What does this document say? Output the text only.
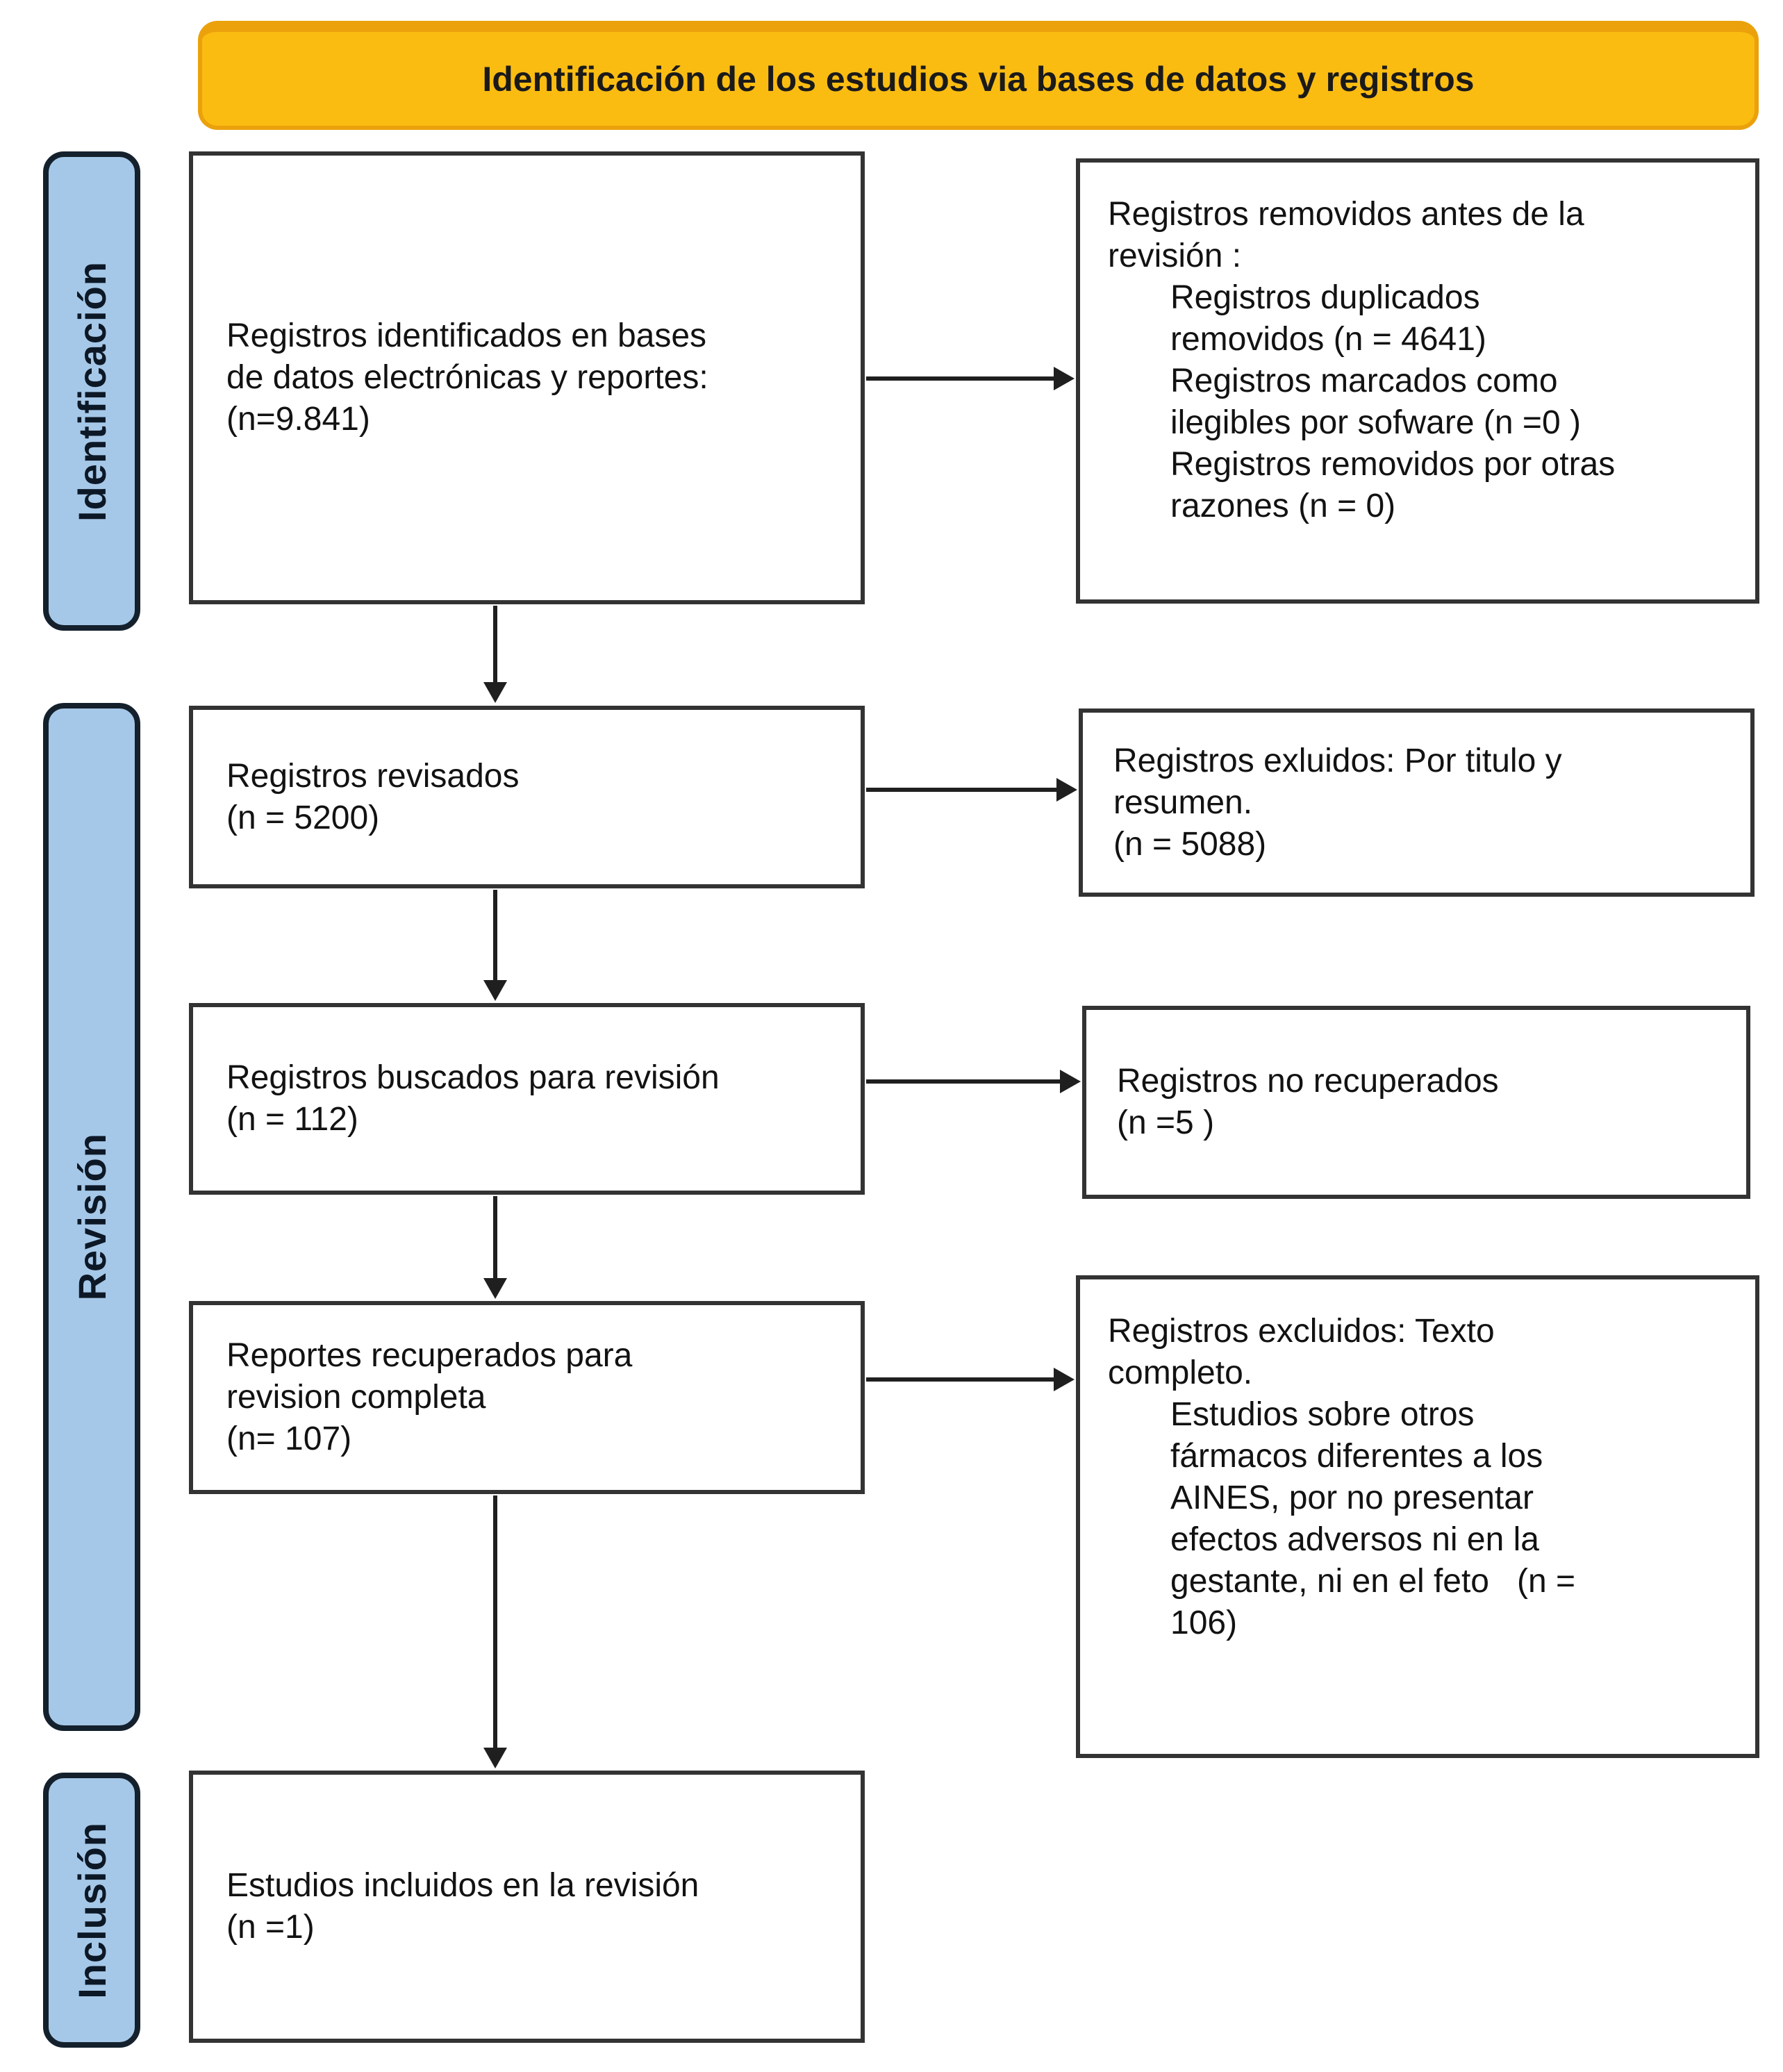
Identificación de los estudios via bases de datos y registros
Identificación
Revisión
Inclusión
Registros identificados en bases
de datos electrónicas y reportes:
(n=9.841)
Registros revisados
(n = 5200)
Registros buscados para revisión
(n = 112)
Reportes recuperados para
revision completa
(n= 107)
Estudios incluidos en la revisión
(n =1)
Registros removidos antes de la
revisión :
Registros duplicados
removidos (n = 4641)
Registros marcados como
ilegibles por sofware (n =0 )
Registros removidos por otras
razones (n = 0)
Registros exluidos: Por titulo y
resumen.
(n = 5088)
Registros no recuperados
(n =5 )
Registros excluidos: Texto
completo.
Estudios sobre otros
fármacos diferentes a los
AINES, por no presentar
efectos adversos ni en la
gestante, ni en el feto   (n =
106)
